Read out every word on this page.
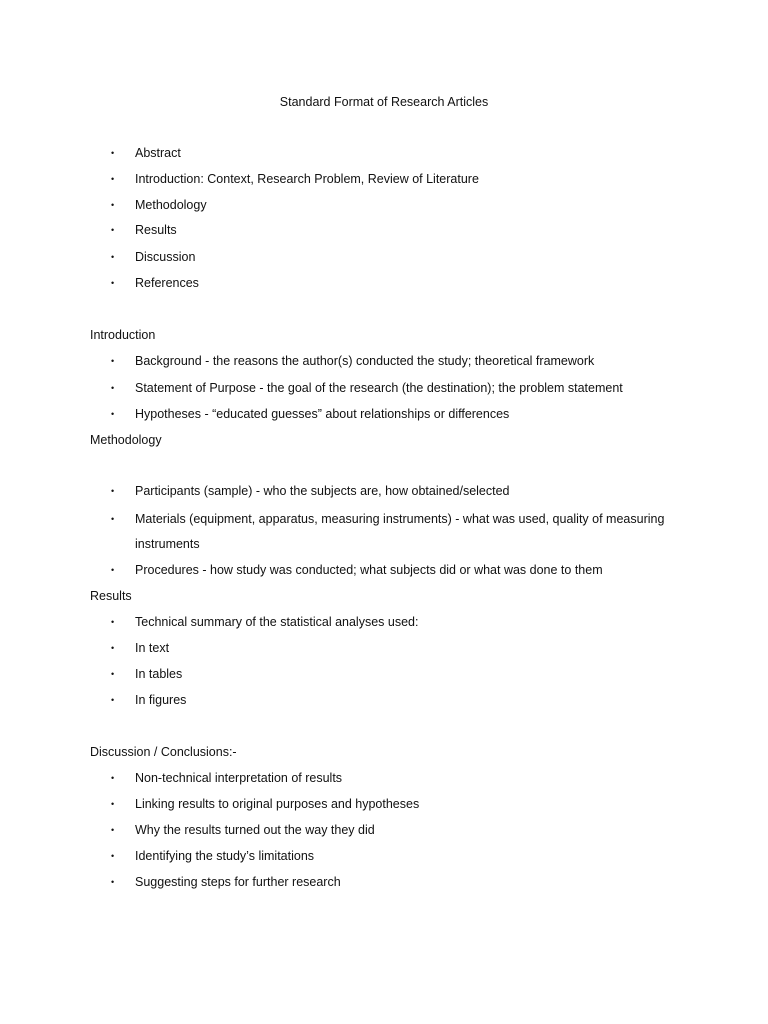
Standard Format of Research Articles
• Abstract
• Introduction: Context, Research Problem, Review of Literature
• Methodology
• Results
• Discussion
• References
Introduction
• Background - the reasons the author(s) conducted the study; theoretical framework
• Statement of Purpose - the goal of the research (the destination); the problem statement
• Hypotheses - “educated guesses” about relationships or differences
Methodology
• Participants (sample) - who the subjects are, how obtained/selected
• Materials (equipment, apparatus, measuring instruments) - what was used, quality of measuring
instruments
• Procedures - how study was conducted; what subjects did or what was done to them
Results
• Technical summary of the statistical analyses used:
• In text
• In tables
• In figures
Discussion / Conclusions:-
• Non-technical interpretation of results
• Linking results to original purposes and hypotheses
• Why the results turned out the way they did
• Identifying the study’s limitations
• Suggesting steps for further research
